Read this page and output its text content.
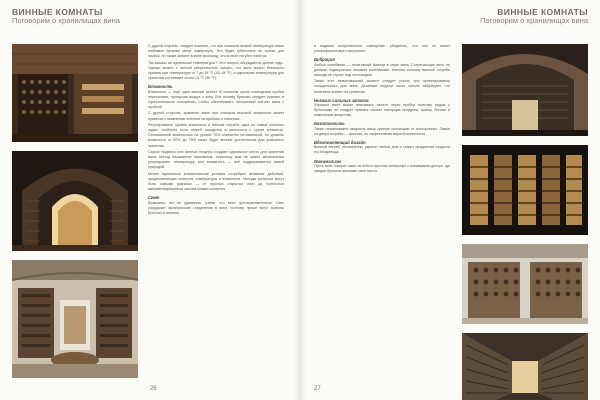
ВИННЫЕ КОМНАТЫ
Поговорим о хранилищах вина

С другой стороны, следует помнить, что при слишком низкой температуре наши любимые бутылки могут замёрзнуть. Это будет губительно не только для пробок, но также затянет в вине кислород, что в итоге погубит напиток.

Так каковы же идеальные температуры? Этот вопрос обсуждается долгие годы. Однако можно с полной уверенностью сказать, что вино можно безопасно хранить при температуре от 7 до 18 °С (45–64 °F), а идеальная температура для хранения составляет около 13 °С (55 °F).

Влажность

Влажность — ещё один важный аспект. В слишком сухом помещении пробки пересыхают, пропуская воздух к вину. Вот почему бутылки следует хранить в горизонтальном положении, чтобы обеспечивать постоянный контакт вина с пробкой.

С другой стороны, хранение вина при слишком высокой влажности может привести к появлению плесени на пробках и этикетках.

Регулирование уровня влажности в винном погребе одна из самых сложных задач, особенно если погреб находится в местности с сухим климатом. Оптимальной влажностью на уровне 70% считается оптимальной, но уровень влажности от 50% до 75% также будет вполне достаточным для успешного хранения.

Сырые подвалы или винные пещеры создают идеальное место для хранения вина. Метод называется пассивным, поскольку вам не нужно механически регулировать температуру или влажность — всё поддерживается самой природой.

Менее идеальные климатические условия потребуют активных действий, предполагающих контроль температуры и влажности. Методы контроля могут быть самыми разными — от простых открытых окон до полностью автоматизированных систем климат-контроля.

Свет

Возможно, вы не удивитесь, узнав, что вино фоточувствительно. Свет разрушает органические соединения в вине, поэтому лучше всего хранить бутылки в темноте.

26
ВИННЫЕ КОМНАТЫ
Поговорим о хранилищах вина

в подвале искусственное освещение, убедитесь, что оно не имеет ультрафиолетового излучения.

Вибрация

Любые колебания — негативный фактор в мире вина. Сотрясающие вино не должны подвергаться никаким колебаниям. Именно поэтому винные погреба никогда не строят под лестницами.

Также этот немаловажный момент следует учесть при проектировании холодильника для вина. Дешёвые модели часто сильно вибрируют, что негативно влияет на хранение.

Никаких сильных запахов

Хорошее вино может впитывать запахи через пробку, поэтому рядом с бутылками не следует хранить сильно пахнущие продукты, краску, бензин и химические вещества.

Безопасность

Также немаловажно защитить вашу ценную коллекцию от посторонних. Замок на двери погреба — простая, но эффективная мера безопасности.

Вдохновляющий дизайн

Винный погреб, несомненно, украсит любой дом и станет предметом гордости его владельца.

Минимализм

Пусть вино говорит само за себя в простом интерьере с минимумом декора, где каждая бутылка занимает своё место.

27
